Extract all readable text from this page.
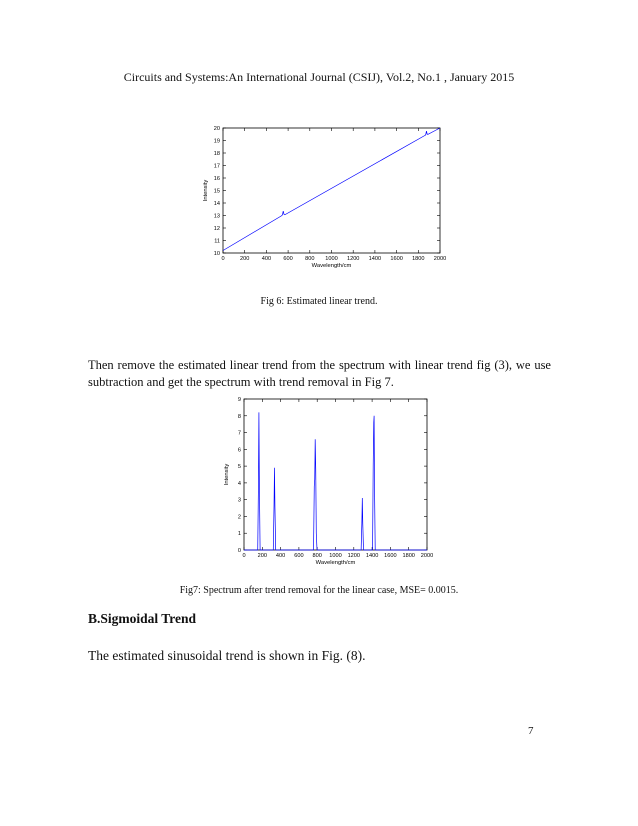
Circuits and Systems:An International Journal (CSIJ), Vol.2, No.1 , January 2015
0	200 400 600 800 1000 1200 1400 1600 1800 2000
10
11
12
13
14
15
16
17
18
19
20
Wavelength/cm
Intensity
Fig 6: Estimated linear trend.
Then remove the estimated linear trend from the spectrum with linear trend fig (3), we use subtraction and get the spectrum with trend removal in Fig 7.
0 200 400 600 800 1000 1200 1400 1600 1800 2000
0
1
2
3
4
5
6
7
8
9
Wavelength/cm
Intensity
Fig7: Spectrum after trend removal for the linear case, MSE= 0.0015.
B.Sigmoidal Trend
The estimated sinusoidal trend is shown in Fig. (8).
7
